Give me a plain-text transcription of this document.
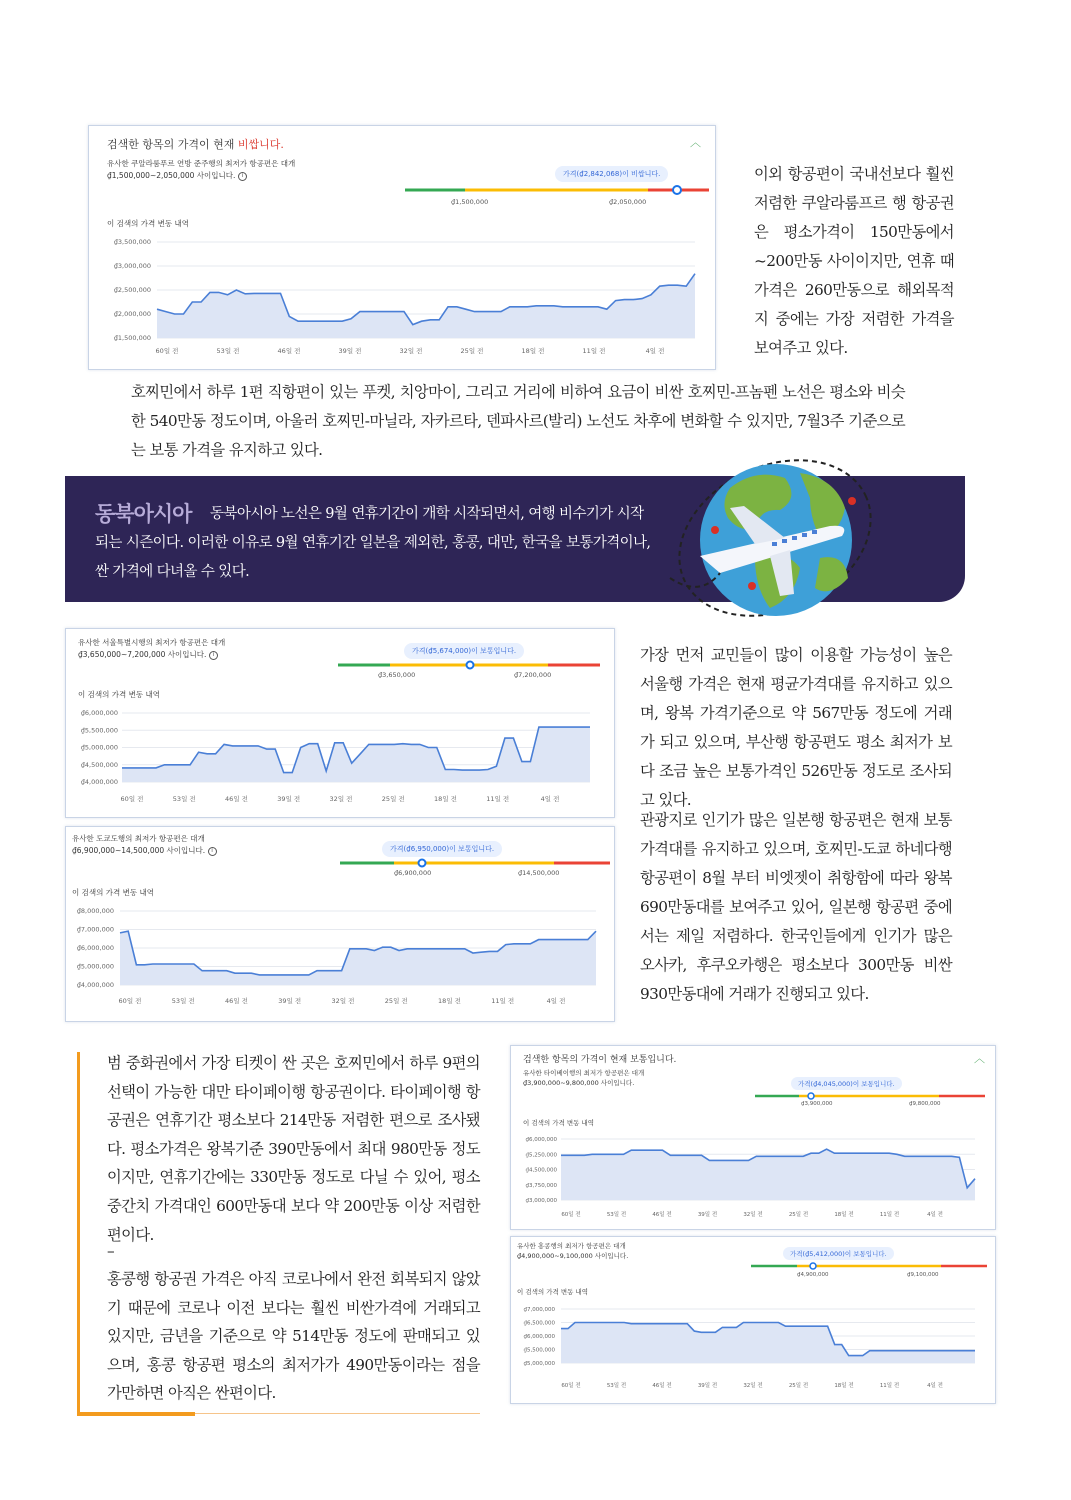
검색한 항목의 가격이 현재 비쌉니다.	︿
유사한 쿠알라룸푸르 연방 준주행의 최저가 항공편은 대개
₫1,500,000~2,050,000 사이입니다. i	가격(₫2,842,068)이 비쌉니다.
₫1,500,000	₫2,050,000
이 검색의 가격 변동 내역
₫3,500,000
₫3,000,000
₫2,500,000
₫2,000,000
₫1,500,000
60일 전	53일 전	46일 전	39일 전	32일 전	25일 전	18일 전	11일 전	4일 전
이외 항공편이 국내선보다 훨씬 저렴한 쿠알라룸프르 행 항공권은 평소가격이 150만동에서~200만동 사이이지만, 연휴 때 가격은 260만동으로 해외목적지 중에는 가장 저렴한 가격을 보여주고 있다.
호찌민에서 하루 1편 직항편이 있는 푸켓, 치앙마이, 그리고 거리에 비하여 요금이 비싼 호찌민-프놈펜 노선은 평소와 비슷한 540만동 정도이며, 아울러 호찌민-마닐라, 자카르타, 덴파사르(발리) 노선도 차후에 변화할 수 있지만, 7월3주 기준으로는 보통 가격을 유지하고 있다.
동북아시아	동북아시아 노선은 9월 연휴기간이 개학 시작되면서, 여행 비수기가 시작되는 시즌이다. 이러한 이유로 9월 연휴기간 일본을 제외한, 홍콩, 대만, 한국을 보통가격이나, 싼 가격에 다녀올 수 있다.
유사한 서울특별시행의 최저가 항공편은 대개
₫3,650,000~7,200,000 사이입니다. i	가격(₫5,674,000)이 보통입니다.
₫3,650,000	₫7,200,000
이 검색의 가격 변동 내역
₫6,000,000
₫5,500,000
₫5,000,000
₫4,500,000
₫4,000,000
60일 전	53일 전	46일 전	39일 전	32일 전	25일 전	18일 전	11일 전	4일 전
유사한 도쿄도행의 최저가 항공편은 대개
₫6,900,000~14,500,000 사이입니다. i	가격(₫6,950,000)이 보통입니다.
₫6,900,000	₫14,500,000
이 검색의 가격 변동 내역
₫8,000,000
₫7,000,000
₫6,000,000
₫5,000,000
₫4,000,000
60일 전	53일 전	46일 전	39일 전	32일 전	25일 전	18일 전	11일 전	4일 전
가장 먼저 교민들이 많이 이용할 가능성이 높은 서울행 가격은 현재 평균가격대를 유지하고 있으며, 왕복 가격기준으로 약 567만동 정도에 거래가 되고 있으며, 부산행 항공편도 평소 최저가 보다 조금 높은 보통가격인 526만동 정도로 조사되고 있다.
관광지로 인기가 많은 일본행 항공편은 현재 보통가격대를 유지하고 있으며, 호찌민-도쿄 하네다행 항공편이 8월 부터 비엣젯이 취항함에 따라 왕복 690만동대를 보여주고 있어, 일본행 항공편 중에서는 제일 저렴하다. 한국인들에게 인기가 많은 오사카, 후쿠오카행은 평소보다 300만동 비싼 930만동대에 거래가 진행되고 있다.
범 중화권에서 가장 티켓이 싼 곳은 호찌민에서 하루 9편의 선택이 가능한 대만 타이페이행 항공권이다. 타이페이행 항공권은 연휴기간 평소보다 214만동 저렴한 편으로 조사됐다. 평소가격은 왕복기준 390만동에서 최대 980만동 정도이지만, 연휴기간에는 330만동 정도로 다닐 수 있어, 평소 중간치 가격대인 600만동대 보다 약 200만동 이상 저렴한 편이다.
–
홍콩행 항공권 가격은 아직 코로나에서 완전 회복되지 않았기 때문에 코로나 이전 보다는 훨씬 비싼가격에 거래되고 있지만, 금년을 기준으로 약 514만동 정도에 판매되고 있으며, 홍콩 항공편 평소의 최저가가 490만동이라는 점을 가만하면 아직은 싼편이다.
검색한 항목의 가격이 현재 보통입니다.	︿
유사한 타이베이행의 최저가 항공편은 대개
₫3,900,000~9,800,000 사이입니다.	가격(₫4,045,000)이 보통입니다.
₫3,900,000	₫9,800,000
이 검색의 가격 변동 내역
₫6,000,000
₫5,250,000
₫4,500,000
₫3,750,000
₫3,000,000
60일 전	53일 전	46일 전	39일 전	32일 전	25일 전	18일 전	11일 전	4일 전
유사한 홍콩행의 최저가 항공편은 대개
₫4,900,000~9,100,000 사이입니다.	가격(₫5,412,000)이 보통입니다.
₫4,900,000	₫9,100,000
이 검색의 가격 변동 내역
₫7,000,000
₫6,500,000
₫6,000,000
₫5,500,000
₫5,000,000
60일 전	53일 전	46일 전	39일 전	32일 전	25일 전	18일 전	11일 전	4일 전
